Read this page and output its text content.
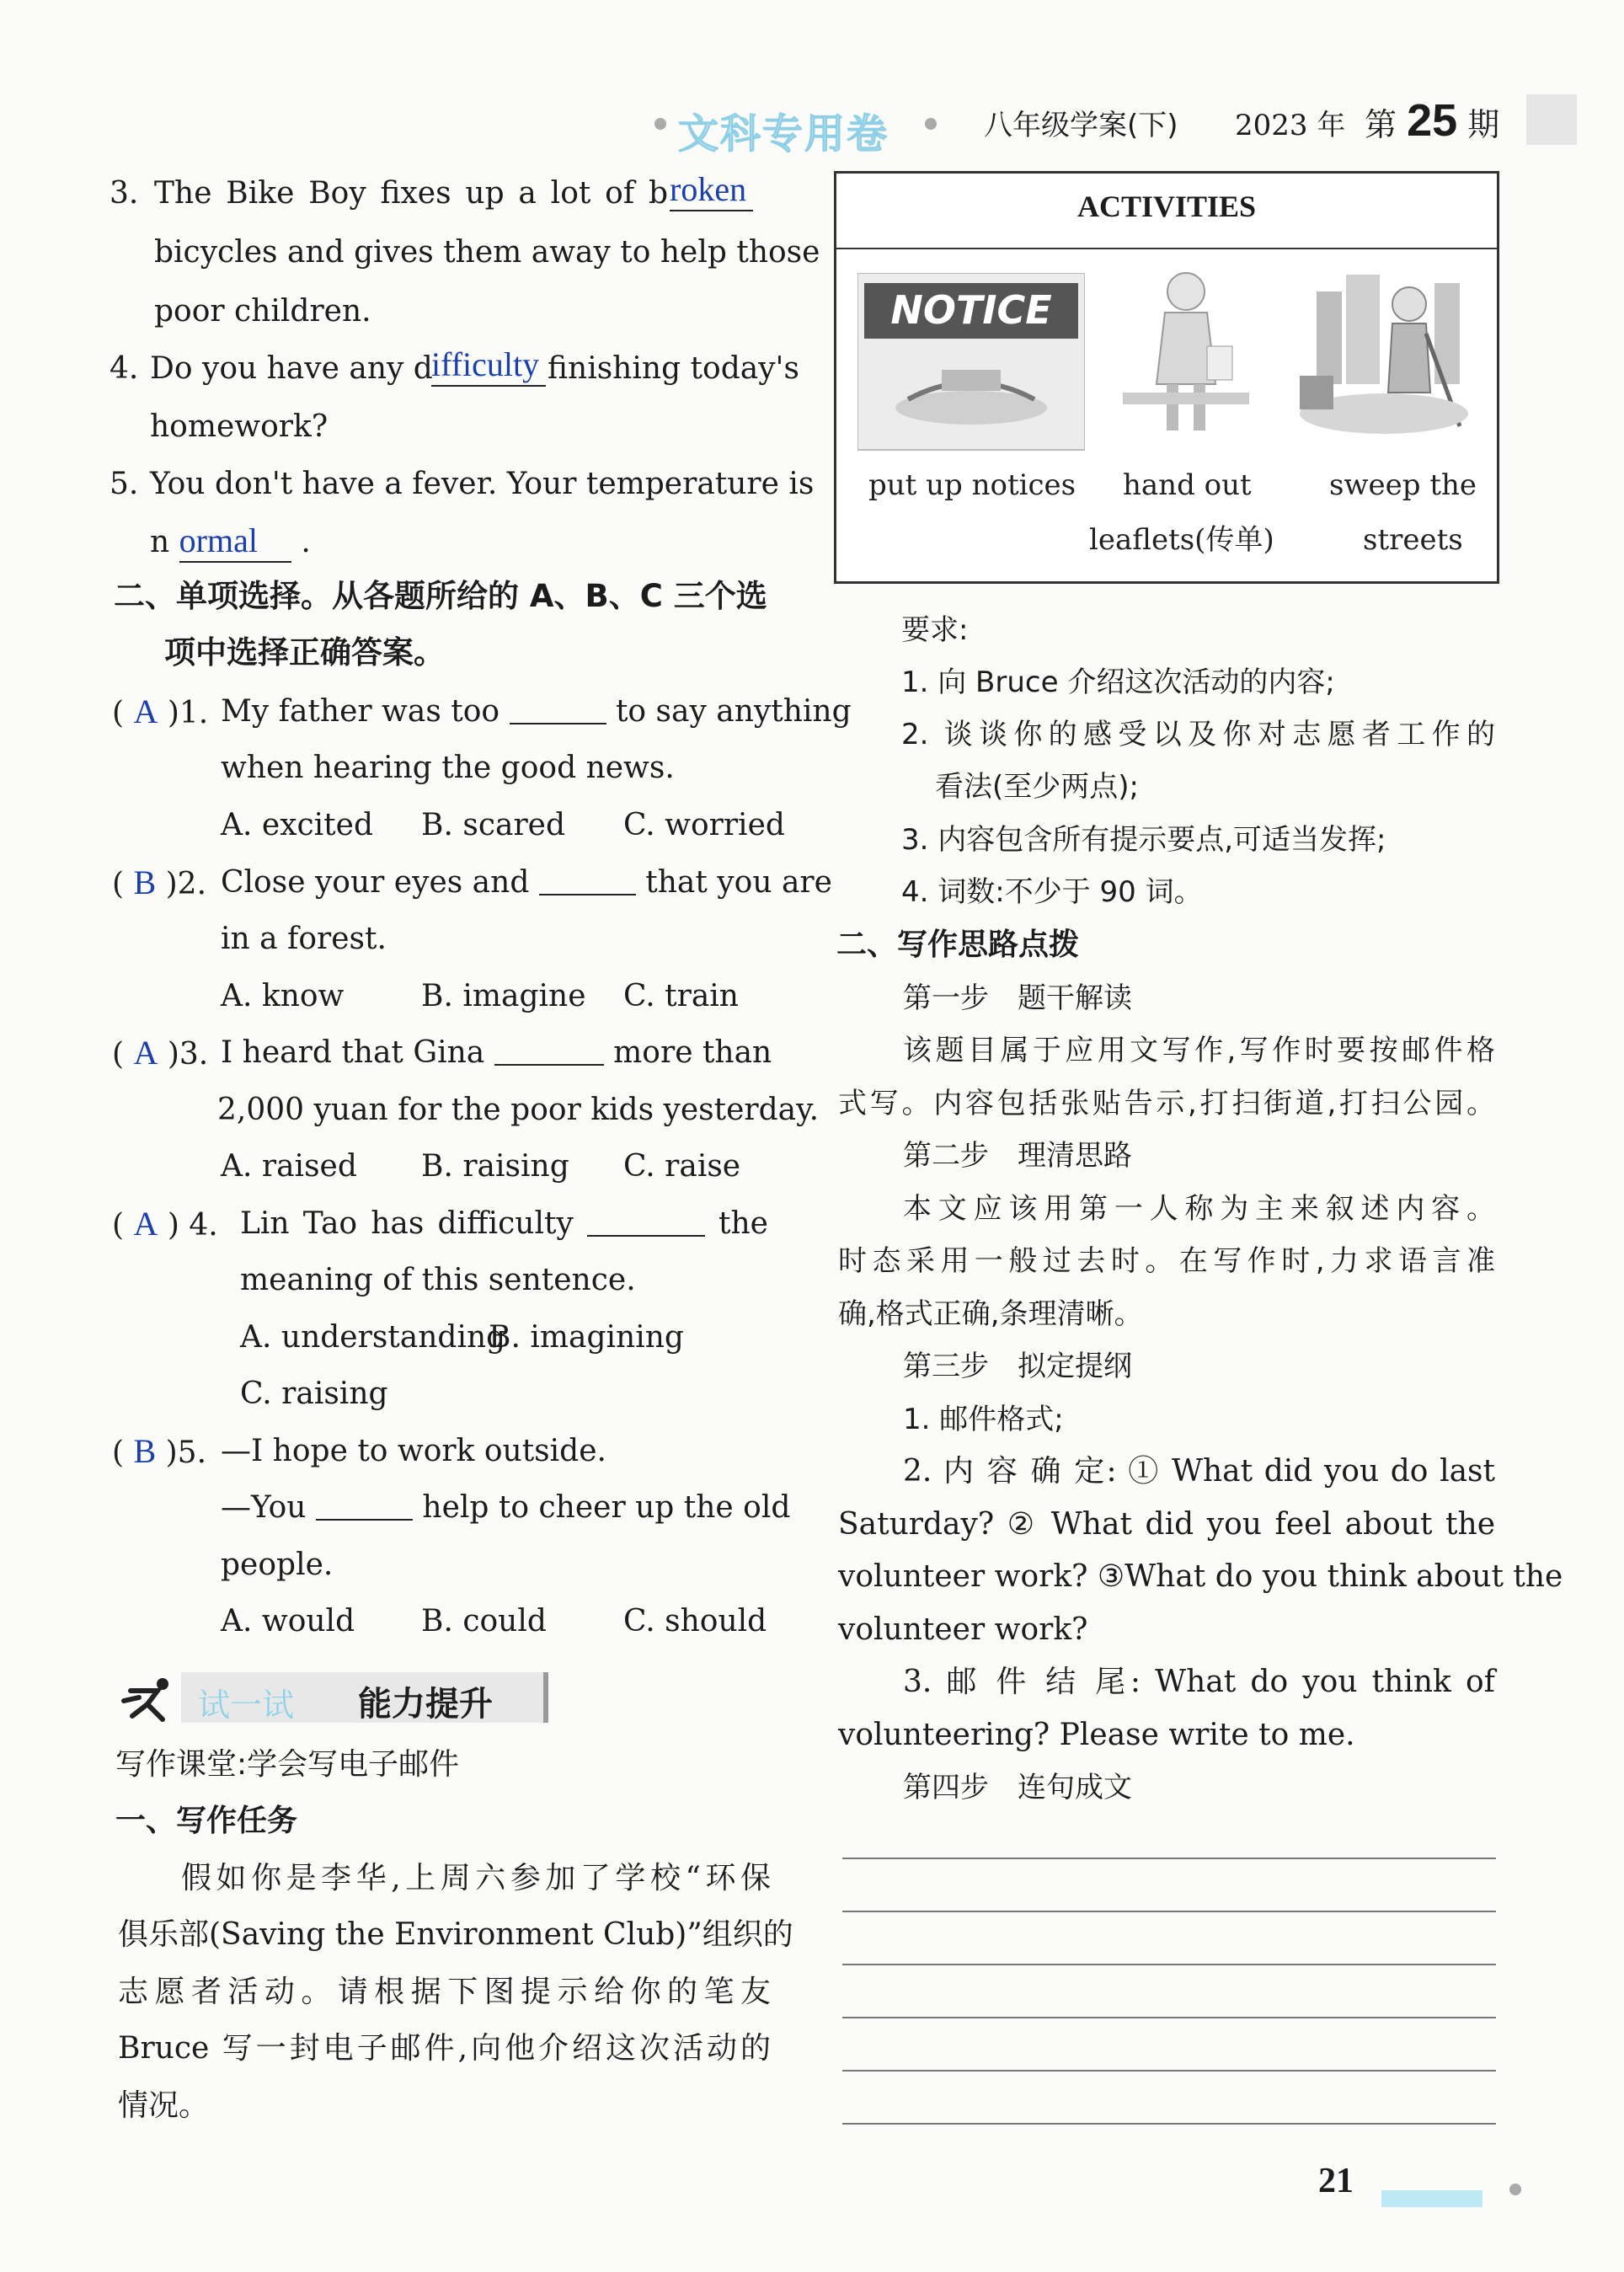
文科专用卷	八年级学案(下) 2023 年 第 25 期
3. The Bike Boy fixes up a lot of b roken
bicycles and gives them away to help those
poor children.
4. Do you have any d
ifficulty finishing today's
homework?
5. You don't have a fever. Your temperature is
n ormal .
二、单项选择。从各题所给的 A、B、C 三个选
项中选择正确答案。
( A )1. My father was too	to say anything
when hearing the good news.
A. excited B. scared C. worried
( B )2. Close your eyes and	that you are
in a forest.
A. know	B. imagine C. train
( A )3. I heard that Gina	more than
2,000 yuan for the poor kids yesterday.
A. raised B. raising C. raise
( A ) 4. Lin Tao has difficulty	the
meaning of this sentence.
A. understanding
B. imagining
C. raising
( B )5. —I hope to work outside.
—You	help to cheer up the old
people.
A. would B. could	C. should
试一试 能力提升
写作课堂:学会写电子邮件
一、写作任务
假如你是李华,上周六参加了学校“环保
俱乐部(Saving the Environment Club)”组织的
志愿者活动。请根据下图提示给你的笔友
Bruce 写一封电子邮件,向他介绍这次活动的
情况。
ACTIVITIES
NOTICE
put up notices hand out
leaflets(传单)
sweep the
streets
要求:
1. 向 Bruce 介绍这次活动的内容;
2. 谈谈你的感受以及你对志愿者工作的
看法(至少两点);
3. 内容包含所有提示要点,可适当发挥;
4. 词数:不少于 90 词。
二、写作思路点拨
第一步　题干解读
该题目属于应用文写作,写作时要按邮件格
式写。内容包括张贴告示,打扫街道,打扫公园。
第二步　理清思路
本文应该用第一人称为主来叙述内容。
时态采用一般过去时。在写作时,力求语言准
确,格式正确,条理清晰。
第三步　拟定提纲
1. 邮件格式;
2. 内 容 确 定: ① What did you do last
Saturday? ② What did you feel about the
volunteer work? ③What do you think about the
volunteer work?
3. 邮 件 结 尾: What do you think of
volunteering? Please write to me.
第四步　连句成文
21
